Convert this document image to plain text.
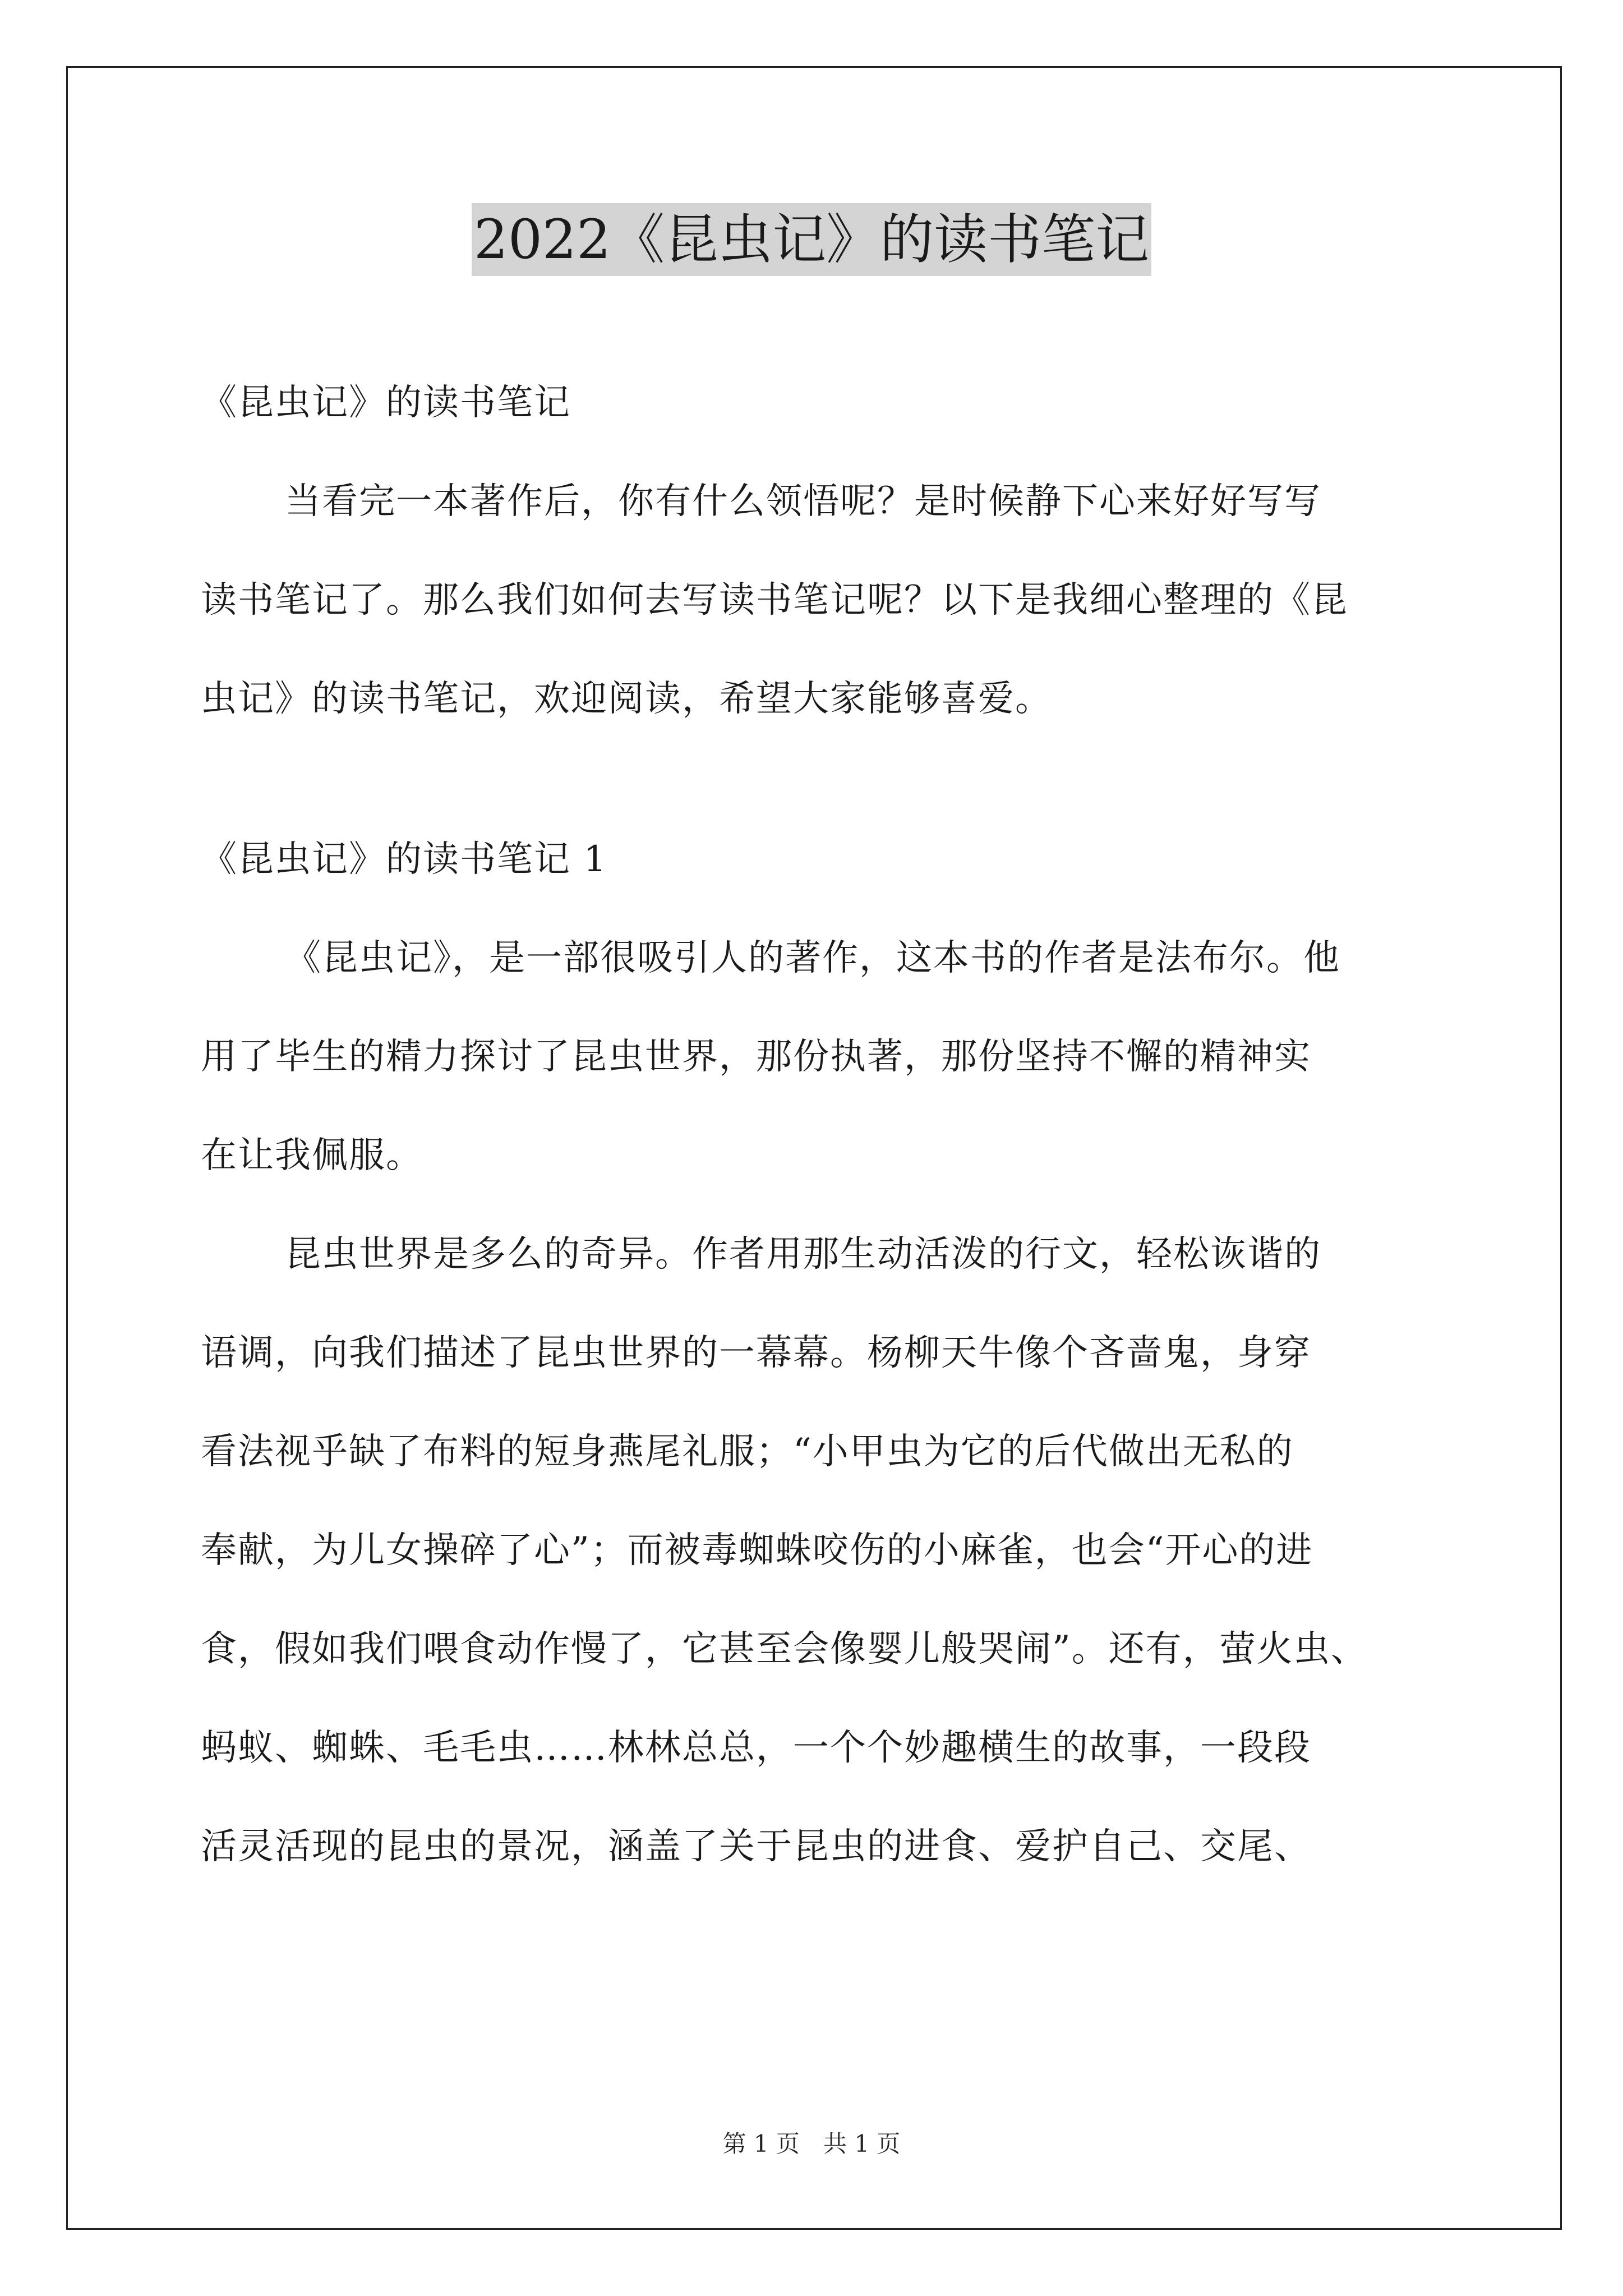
2022《昆虫记》的读书笔记
《昆虫记》的读书笔记
当看完一本著作后，你有什么领悟呢？是时候静下心来好好写写
读书笔记了。那么我们如何去写读书笔记呢？以下是我细心整理的《昆
虫记》的读书笔记，欢迎阅读，希望大家能够喜爱。
《昆虫记》的读书笔记 1
《昆虫记》，是一部很吸引人的著作，这本书的作者是法布尔。他
用了毕生的精力探讨了昆虫世界，那份执著，那份坚持不懈的精神实
在让我佩服。
昆虫世界是多么的奇异。作者用那生动活泼的行文，轻松诙谐的
语调，向我们描述了昆虫世界的一幕幕。杨柳天牛像个吝啬鬼，身穿
看法视乎缺了布料的短身燕尾礼服；“小甲虫为它的后代做出无私的
奉献，为儿女操碎了心”；而被毒蜘蛛咬伤的小麻雀，也会“开心的进
食，假如我们喂食动作慢了，它甚至会像婴儿般哭闹”。还有，萤火虫、
蚂蚁、蜘蛛、毛毛虫……林林总总，一个个妙趣横生的故事，一段段
活灵活现的昆虫的景况，涵盖了关于昆虫的进食、爱护自己、交尾、
第 1 页　共 1 页
